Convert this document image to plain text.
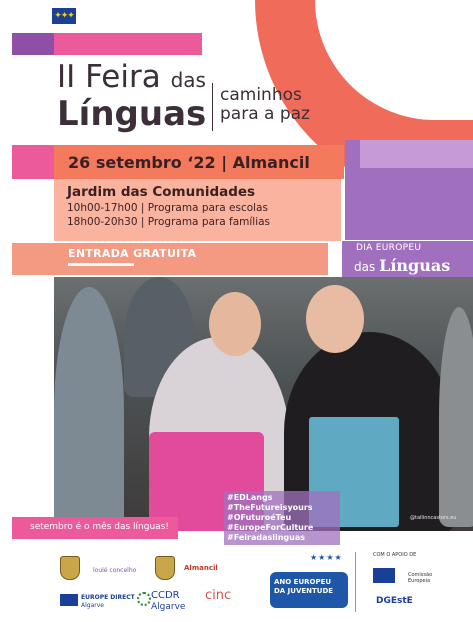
✦✦✦
II Feira das
Línguas caminhos
para a paz
26 setembro ‘22 | Almancil
Jardim das Comunidades
10h00-17h00 | Programa para escolas
18h00-20h30 | Programa para famílias
ENTRADA GRATUITA	DIA EUROPEU
das Línguas
@tallinncastors.eu
#EDLangs
#TheFutureisyours
#OFuturoéTeu
#EuropeForCulture
#Feiradaslinguas
setembro é o mês das línguas!
loulé concelho	Almancil
EUROPE DIRECT
Algarve
CCDR
Algarve
cinc
★★★★
ANO EUROPEU DA JUVENTUDE
COM O APOIO DE
Comissão Europeia
DGEstE
